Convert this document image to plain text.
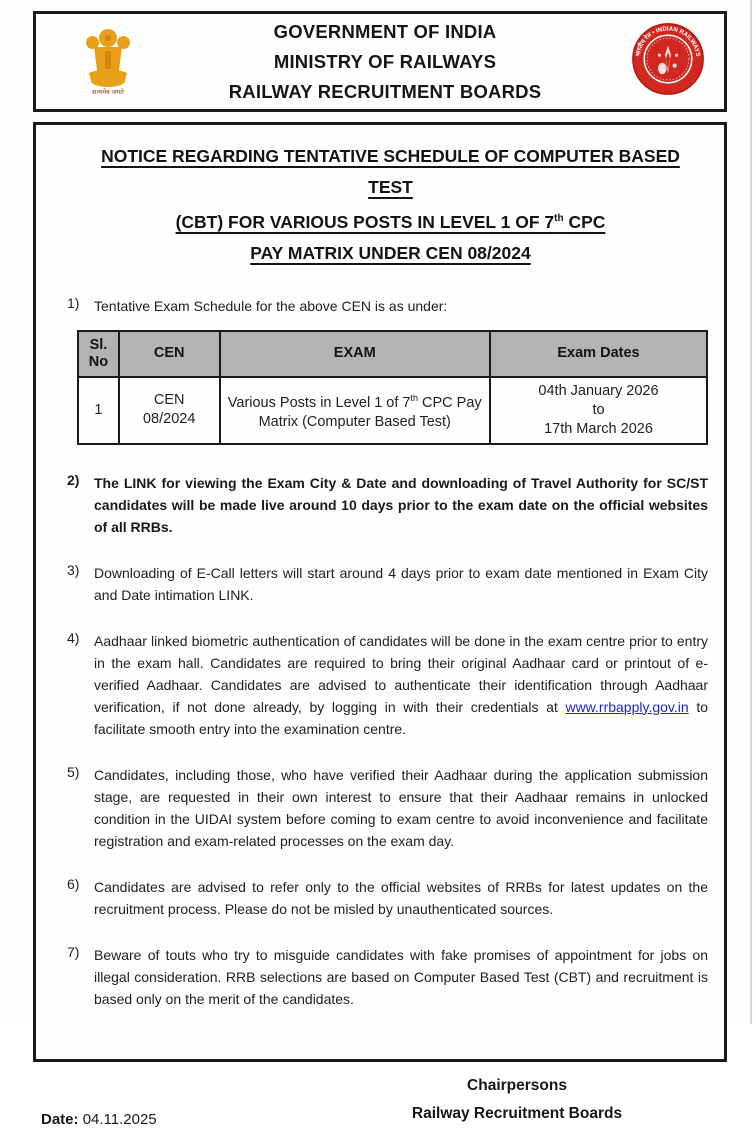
सत्यमेव जयते
GOVERNMENT OF INDIA
MINISTRY OF RAILWAYS
RAILWAY RECRUITMENT BOARDS
भारतीय रेल • INDIAN RAILWAYS
NOTICE REGARDING TENTATIVE SCHEDULE OF COMPUTER BASED TEST
(CBT) FOR VARIOUS POSTS IN LEVEL 1 OF 7th CPC
PAY MATRIX UNDER CEN 08/2024
1)	Tentative Exam Schedule for the above CEN is as under:
Sl. No	CEN	EXAM	Exam Dates
1	CEN 08/2024	Various Posts in Level 1 of 7th CPC Pay Matrix (Computer Based Test)	04th January 2026
to
17th March 2026
2)	The LINK for viewing the Exam City & Date and downloading of Travel Authority for SC/ST candidates will be made live around 10 days prior to the exam date on the official websites of all RRBs.
3)	Downloading of E-Call letters will start around 4 days prior to exam date mentioned in Exam City and Date intimation LINK.
4)	Aadhaar linked biometric authentication of candidates will be done in the exam centre prior to entry in the exam hall. Candidates are required to bring their original Aadhaar card or printout of e-verified Aadhaar. Candidates are advised to authenticate their identification through Aadhaar verification, if not done already, by logging in with their credentials at www.rrbapply.gov.in to facilitate smooth entry into the examination centre.
5)	Candidates, including those, who have verified their Aadhaar during the application submission stage, are requested in their own interest to ensure that their Aadhaar remains in unlocked condition in the UIDAI system before coming to exam centre to avoid inconvenience and facilitate registration and exam-related processes on the exam day.
6)	Candidates are advised to refer only to the official websites of RRBs for latest updates on the recruitment process. Please do not be misled by unauthenticated sources.
7)	Beware of touts who try to misguide candidates with fake promises of appointment for jobs on illegal consideration. RRB selections are based on Computer Based Test (CBT) and recruitment is based only on the merit of the candidates.
Date: 04.11.2025
Chairpersons
Railway Recruitment Boards
